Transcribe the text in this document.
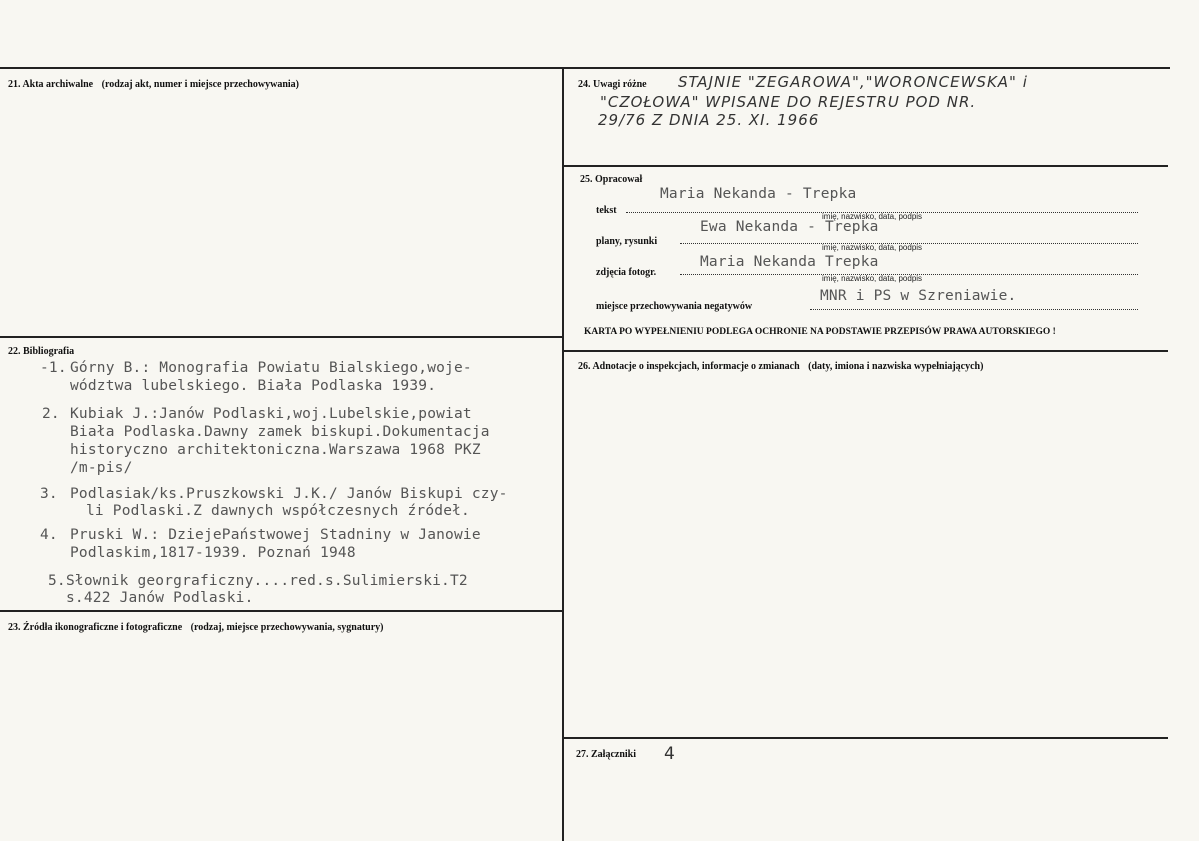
21. Akta archiwalne (rodzaj akt, numer i miejsce przechowywania)
22. Bibliografia
-1. Górny B.: Monografia Powiatu Bialskiego,woje-
wództwa lubelskiego. Biała Podlaska 1939.
2. Kubiak J.:Janów Podlaski,woj.Lubelskie,powiat
Biała Podlaska.Dawny zamek biskupi.Dokumentacja
historyczno architektoniczna.Warszawa 1968 PKZ
/m-pis/
3. Podlasiak/ks.Pruszkowski J.K./ Janów Biskupi czy-
li Podlaski.Z dawnych współczesnych źródeł.
4. Pruski W.: DziejePaństwowej Stadniny w Janowie
Podlaskim,1817-1939. Poznań 1948
5. Słownik georgraficzny....red.s.Sulimierski.T2
s.422 Janów Podlaski.
23. Źródła ikonograficzne i fotograficzne (rodzaj, miejsce przechowywania, sygnatury)
24. Uwagi różne STAJNIE "ZEGAROWA","WORONCEWSKA" i
"CZOŁOWA" WPISANE DO REJESTRU POD NR.
29/76 Z DNIA 25. XI. 1966
25. Opracował
tekst
Maria Nekanda - Trepka
imię, nazwisko, data, podpis
plany, rysunki
Ewa Nekanda - Trepka
imię, nazwisko, data, podpis
zdjęcia fotogr.
Maria Nekanda Trepka
imię, nazwisko, data, podpis
miejsce przechowywania negatywów
MNR i PS w Szreniawie.
KARTA PO WYPEŁNIENIU PODLEGA OCHRONIE NA PODSTAWIE PRZEPISÓW PRAWA AUTORSKIEGO !
26. Adnotacje o inspekcjach, informacje o zmianach (daty, imiona i nazwiska wypełniających)
27. Załączniki 4
